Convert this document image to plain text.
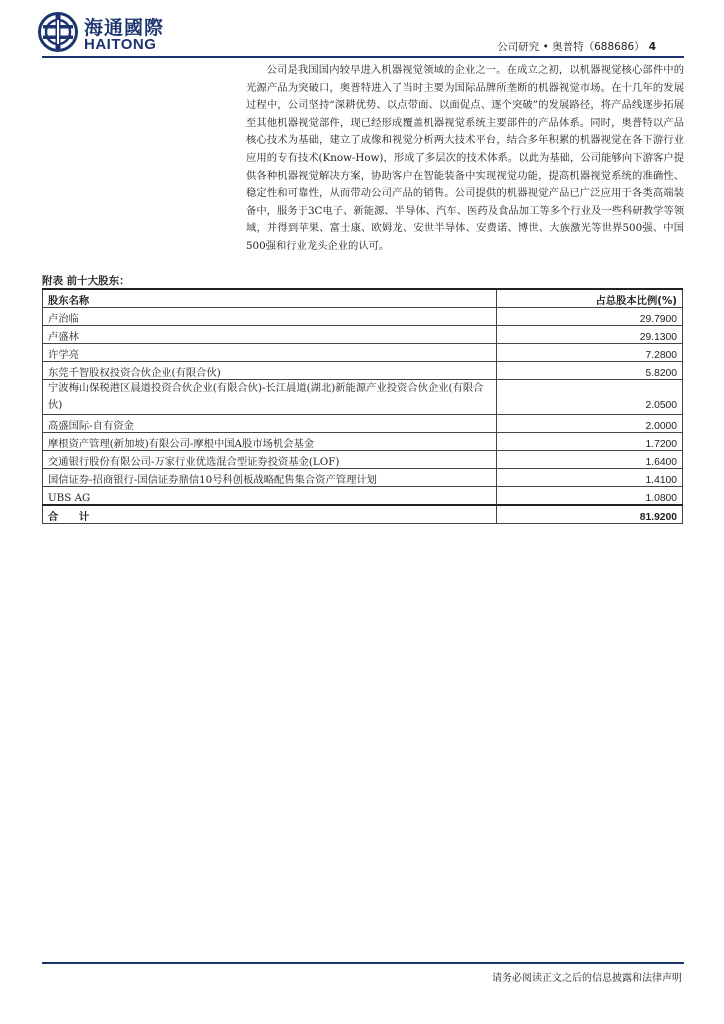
海通國際
HAITONG	公司研究 • 奥普特（688686） 4

公司是我国国内较早进入机器视觉领域的企业之一。在成立之初，以机器视觉核心部件中的光源产品为突破口，奥普特进入了当时主要为国际品牌所垄断的机器视觉市场。在十几年的发展过程中，公司坚持“深耕优势、以点带面、以面促点、逐个突破”的发展路径，将产品线逐步拓展至其他机器视觉部件，现已经形成覆盖机器视觉系统主要部件的产品体系。同时，奥普特以产品核心技术为基础，建立了成像和视觉分析两大技术平台，结合多年积累的机器视觉在各下游行业应用的专有技术(Know-How)，形成了多层次的技术体系。以此为基础，公司能够向下游客户提供各种机器视觉解决方案，协助客户在智能装备中实现视觉功能，提高机器视觉系统的准确性、稳定性和可靠性，从而带动公司产品的销售。公司提供的机器视觉产品已广泛应用于各类高端装备中，服务于3C电子、新能源、半导体、汽车、医药及食品加工等多个行业及一些科研教学等领域，并得到苹果、富士康、欧姆龙、安世半导体、安费诺、博世、大族激光等世界500强、中国500强和行业龙头企业的认可。

附表 前十大股东：
股东名称	占总股本比例(%)
卢治临	29.7900
卢盛林	29.1300
许学亮	7.2800
东莞千智股权投资合伙企业(有限合伙)	5.8200
宁波梅山保税港区晨道投资合伙企业(有限合伙)-长江晨道(湖北)新能源产业投资合伙企业(有限合伙)	2.0500
高盛国际-自有资金	2.0000
摩根资产管理(新加坡)有限公司-摩根中国A股市场机会基金	1.7200
交通银行股份有限公司-万家行业优选混合型证券投资基金(LOF)	1.6400
国信证券-招商银行-国信证券鼎信10号科创板战略配售集合资产管理计划	1.4100
UBS AG	1.0800
合　　计	81.9200
请务必阅读正文之后的信息披露和法律声明
